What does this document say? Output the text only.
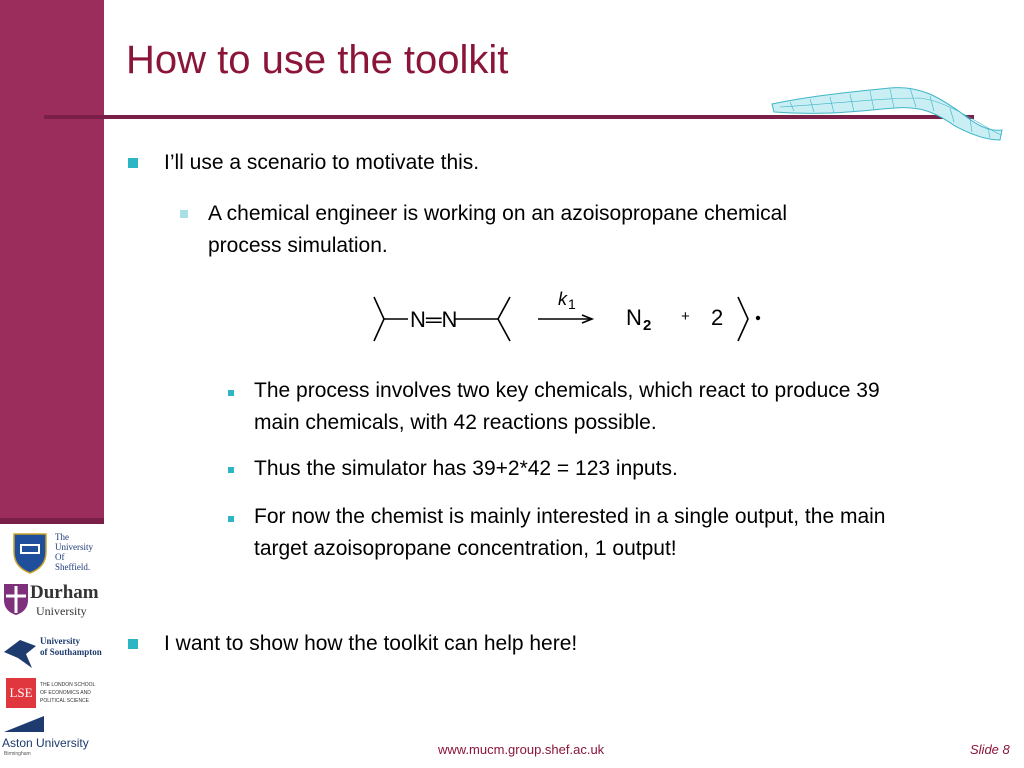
How to use the toolkit
I’ll use a scenario to motivate this.
A chemical engineer is working on an azoisopropane chemical
process simulation.
N═N
k 1
N 2
+ 2
The process involves two key chemicals, which react to produce 39
main chemicals, with 42 reactions possible.
Thus the simulator has 39+2*42 = 123 inputs.
For now the chemist is mainly interested in a single output, the main
target azoisopropane concentration, 1 output!
I want to show how the toolkit can help here!
The
University
Of
Sheffield.
Durham
University
University
of Southampton
LSE	THE LONDON SCHOOL
OF ECONOMICS AND
POLITICAL SCIENCE
Aston University
Birmingham	www.mucm.group.shef.ac.uk	Slide 8
